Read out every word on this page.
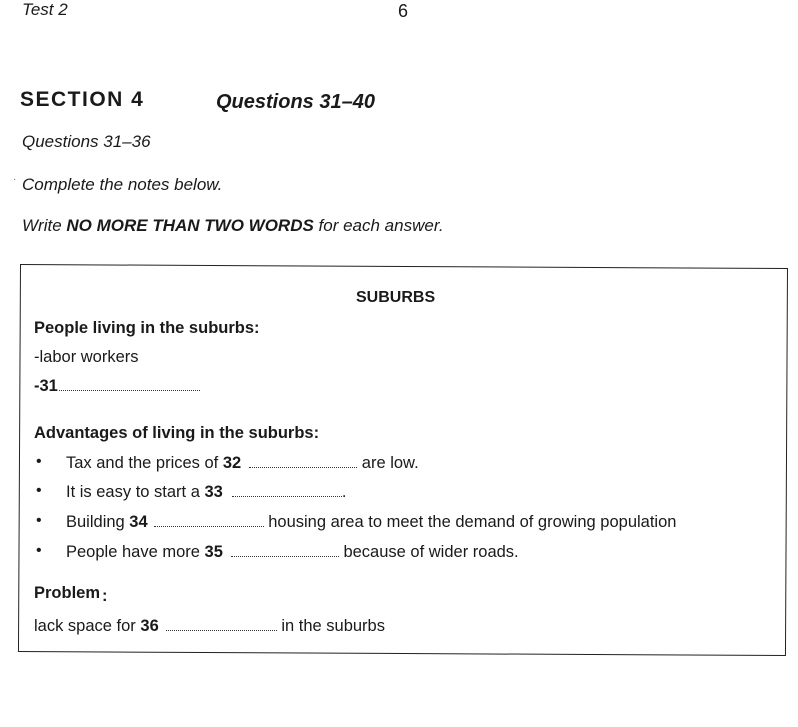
Test 2	6
SECTION 4	Questions 31–40
Questions 31–36
· Complete the notes below.
Write NO MORE THAN TWO WORDS for each answer.
SUBURBS
People living in the suburbs:
-labor workers
-31
Advantages of living in the suburbs:
• Tax and the prices of 32	are low.
• It is easy to start a 33	.
• Building 34	housing area to meet the demand of growing population
• People have more 35	because of wider roads.
Problem :
lack space for 36	in the suburbs
